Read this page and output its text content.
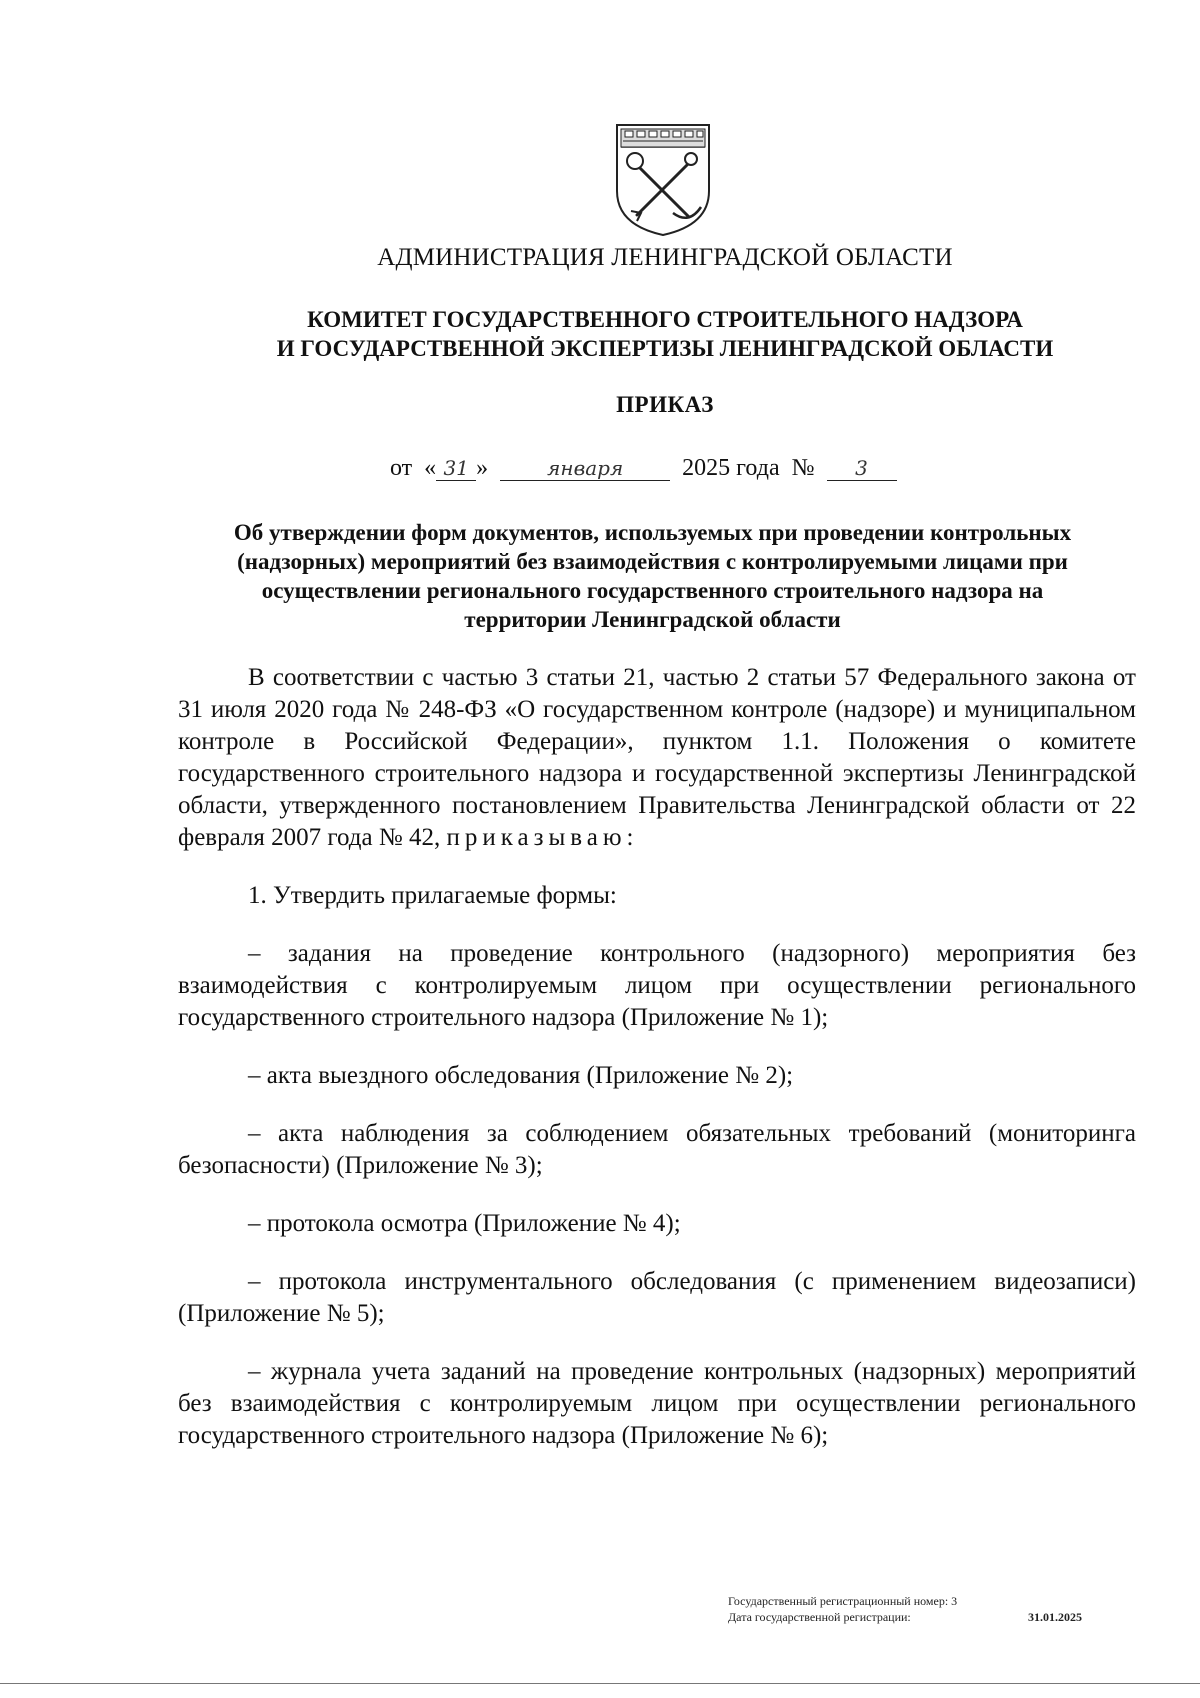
АДМИНИСТРАЦИЯ ЛЕНИНГРАДСКОЙ ОБЛАСТИ
КОМИТЕТ ГОСУДАРСТВЕННОГО СТРОИТЕЛЬНОГО НАДЗОРА
И ГОСУДАРСТВЕННОЙ ЭКСПЕРТИЗЫ ЛЕНИНГРАДСКОЙ ОБЛАСТИ
ПРИКАЗ
от « 31 »	января 2025 года № 3
Об утверждении форм документов, используемых при проведении контрольных
(надзорных) мероприятий без взаимодействия с контролируемыми лицами при
осуществлении регионального государственного строительного надзора на
территории Ленинградской области

В соответствии с частью 3 статьи 21, частью 2 статьи 57 Федерального закона от 31 июля 2020 года № 248-ФЗ «О государственном контроле (надзоре) и муниципальном контроле в Российской Федерации», пунктом 1.1. Положения о комитете государственного строительного надзора и государственной экспертизы Ленинградской области, утвержденного постановлением Правительства Ленинградской области от 22 февраля 2007 года № 42, приказываю:

1. Утвердить прилагаемые формы:

– задания на проведение контрольного (надзорного) мероприятия без взаимодействия с контролируемым лицом при осуществлении регионального государственного строительного надзора (Приложение № 1);

– акта выездного обследования (Приложение № 2);

– акта наблюдения за соблюдением обязательных требований (мониторинга безопасности) (Приложение № 3);

– протокола осмотра (Приложение № 4);

– протокола инструментального обследования (с применением видеозаписи) (Приложение № 5);

– журнала учета заданий на проведение контрольных (надзорных) мероприятий без взаимодействия с контролируемым лицом при осуществлении регионального государственного строительного надзора (Приложение № 6);

Государственный регистрационный номер: 3
Дата государственной регистрации:	31.01.2025
